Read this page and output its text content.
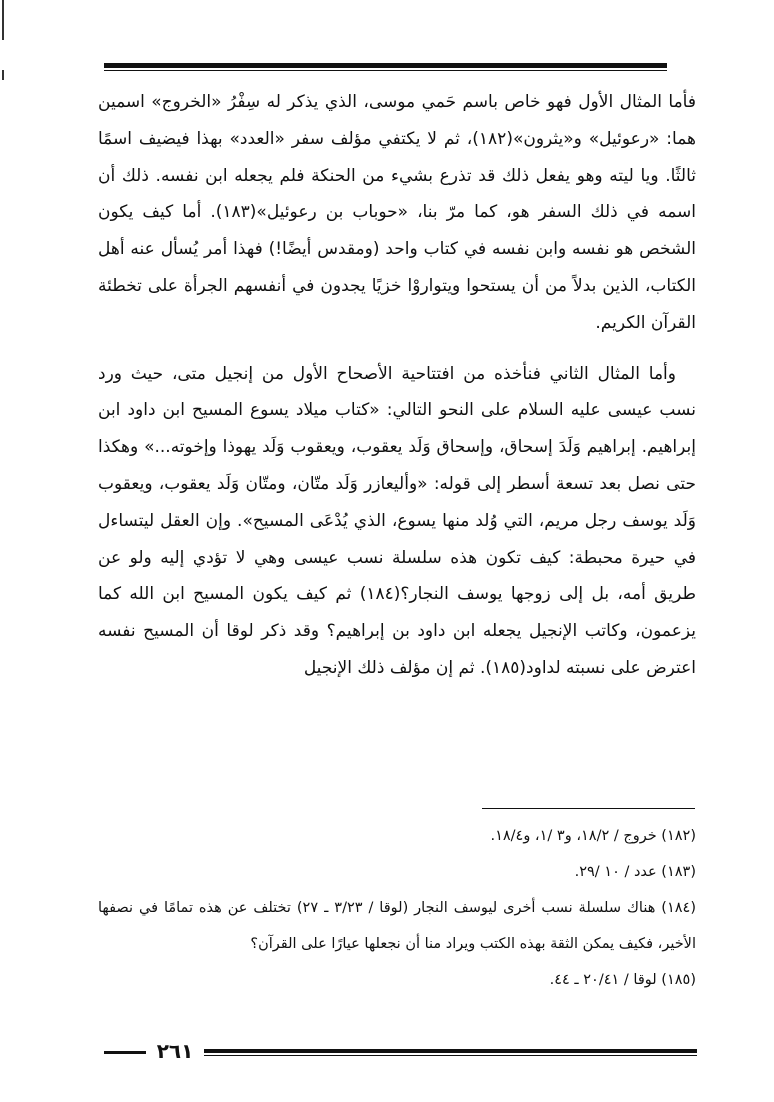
فأما المثال الأول فهو خاص باسم حَمي موسى، الذي يذكر له سِفْرُ «الخروج» اسمين هما: «رعوئيل» و«يثرون»(١٨٢)، ثم لا يكتفي مؤلف سفر «العدد» بهذا فيضيف اسمًا ثالثًا. ويا ليته وهو يفعل ذلك قد تذرع بشيء من الحنكة فلم يجعله ابن نفسه. ذلك أن اسمه في ذلك السفر هو، كما مرّ بنا، «حوباب بن رعوئيل»(١٨٣). أما كيف يكون الشخص هو نفسه وابن نفسه في كتاب واحد (ومقدس أيضًا!) فهذا أمر يُسأل عنه أهل الكتاب، الذين بدلاً من أن يستحوا ويتواروْا خزيًا يجدون في أنفسهم الجرأة على تخطئة القرآن الكريم.

وأما المثال الثاني فنأخذه من افتتاحية الأصحاح الأول من إنجيل متى، حيث ورد نسب عيسى عليه السلام على النحو التالي: «كتاب ميلاد يسوع المسيح ابن داود ابن إبراهيم. إبراهيم وَلَدَ إسحاق، وإسحاق وَلَد يعقوب، ويعقوب وَلَد يهوذا وإخوته...» وهكذا حتى نصل بعد تسعة أسطر إلى قوله: «وأليعازر وَلَد متّان، ومتّان وَلَد يعقوب، ويعقوب وَلَد يوسف رجل مريم، التي وُلد منها يسوع، الذي يُدْعَى المسيح». وإن العقل ليتساءل في حيرة محبطة: كيف تكون هذه سلسلة نسب عيسى وهي لا تؤدي إليه ولو عن طريق أمه، بل إلى زوجها يوسف النجار؟(١٨٤) ثم كيف يكون المسيح ابن الله كما يزعمون، وكاتب الإنجيل يجعله ابن داود بن إبراهيم؟ وقد ذكر لوقا أن المسيح نفسه اعترض على نسبته لداود(١٨٥). ثم إن مؤلف ذلك الإنجيل

(١٨٢) خروج / ١٨/٢، و٣ /١، و١٨/٤.

(١٨٣) عدد / ١٠ /٢٩.

(١٨٤) هناك سلسلة نسب أخرى ليوسف النجار (لوقا / ٣/٢٣ ـ ٢٧) تختلف عن هذه تمامًا في نصفها الأخير، فكيف يمكن الثقة بهذه الكتب ويراد منا أن نجعلها عيارًا على القرآن؟

(١٨٥) لوقا / ٢٠/٤١ ـ ٤٤.

٢٦١
